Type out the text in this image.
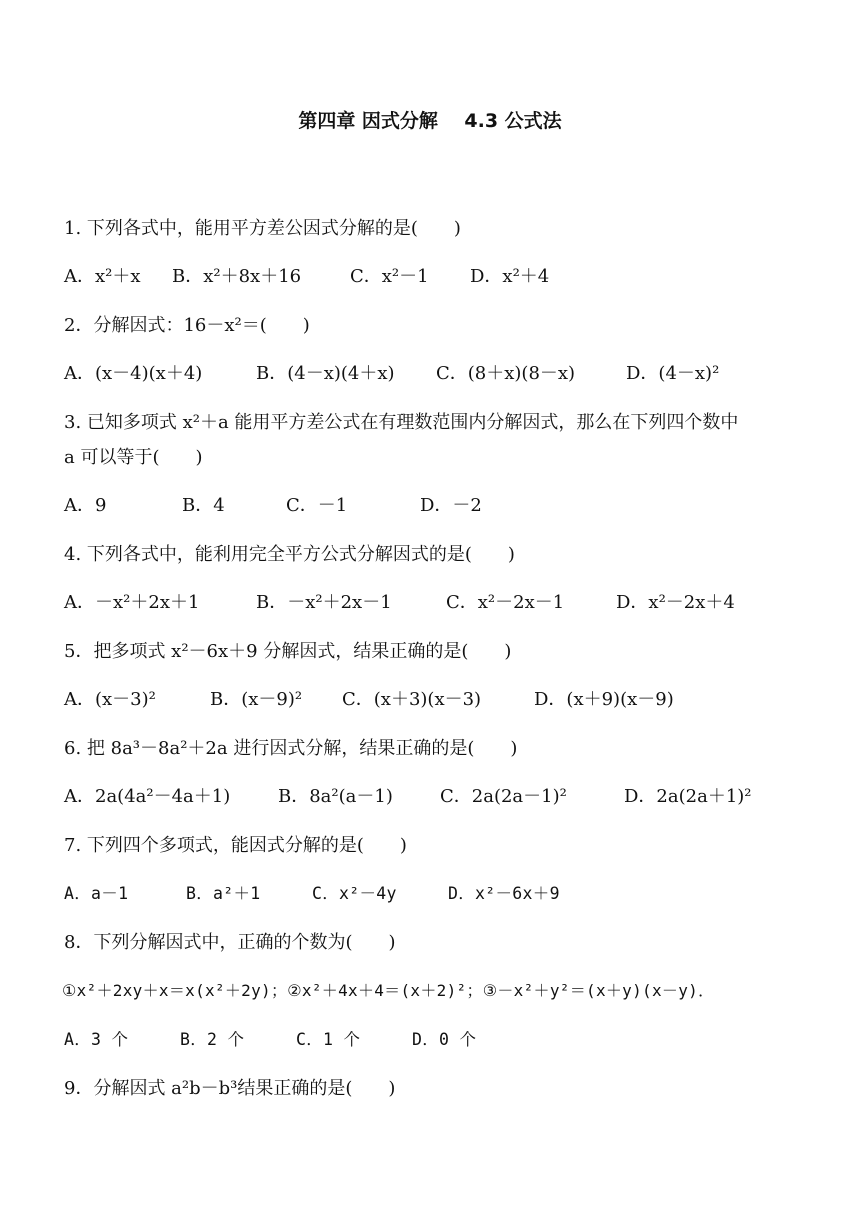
第四章 因式分解    4.3 公式法
1. 下列各式中，能用平方差公因式分解的是(　　)
A．x²＋x	B．x²＋8x＋16	C．x²－1	D．x²＋4
2．分解因式：16－x²＝(　　)
A．(x－4)(x＋4)	B．(4－x)(4＋x)	C．(8＋x)(8－x)	D．(4－x)²
3. 已知多项式 x²＋a 能用平方差公式在有理数范围内分解因式，那么在下列四个数中
a 可以等于(　　)
A．9	B．4	C．－1	D．－2
4. 下列各式中，能利用完全平方公式分解因式的是(　　)
A．－x²＋2x＋1	B．－x²＋2x－1	C．x²－2x－1	D．x²－2x＋4
5．把多项式 x²－6x＋9 分解因式，结果正确的是(　　)
A．(x－3)²	B．(x－9)²	C．(x＋3)(x－3)	D．(x＋9)(x－9)
6. 把 8a³－8a²＋2a 进行因式分解，结果正确的是(　　)
A．2a(4a²－4a＋1)	B．8a²(a－1)	C．2a(2a－1)²	D．2a(2a＋1)²
7. 下列四个多项式，能因式分解的是(　　)
A．a－1	B．a²＋1	C．x²－4y	D．x²－6x＋9
8．下列分解因式中，正确的个数为(　　)
①x²＋2xy＋x＝x(x²＋2y)；②x²＋4x＋4＝(x＋2)²；③－x²＋y²＝(x＋y)(x－y)．
A．3 个	B．2 个	C．1 个	D．0 个
9．分解因式 a²b－b³结果正确的是(　　)
